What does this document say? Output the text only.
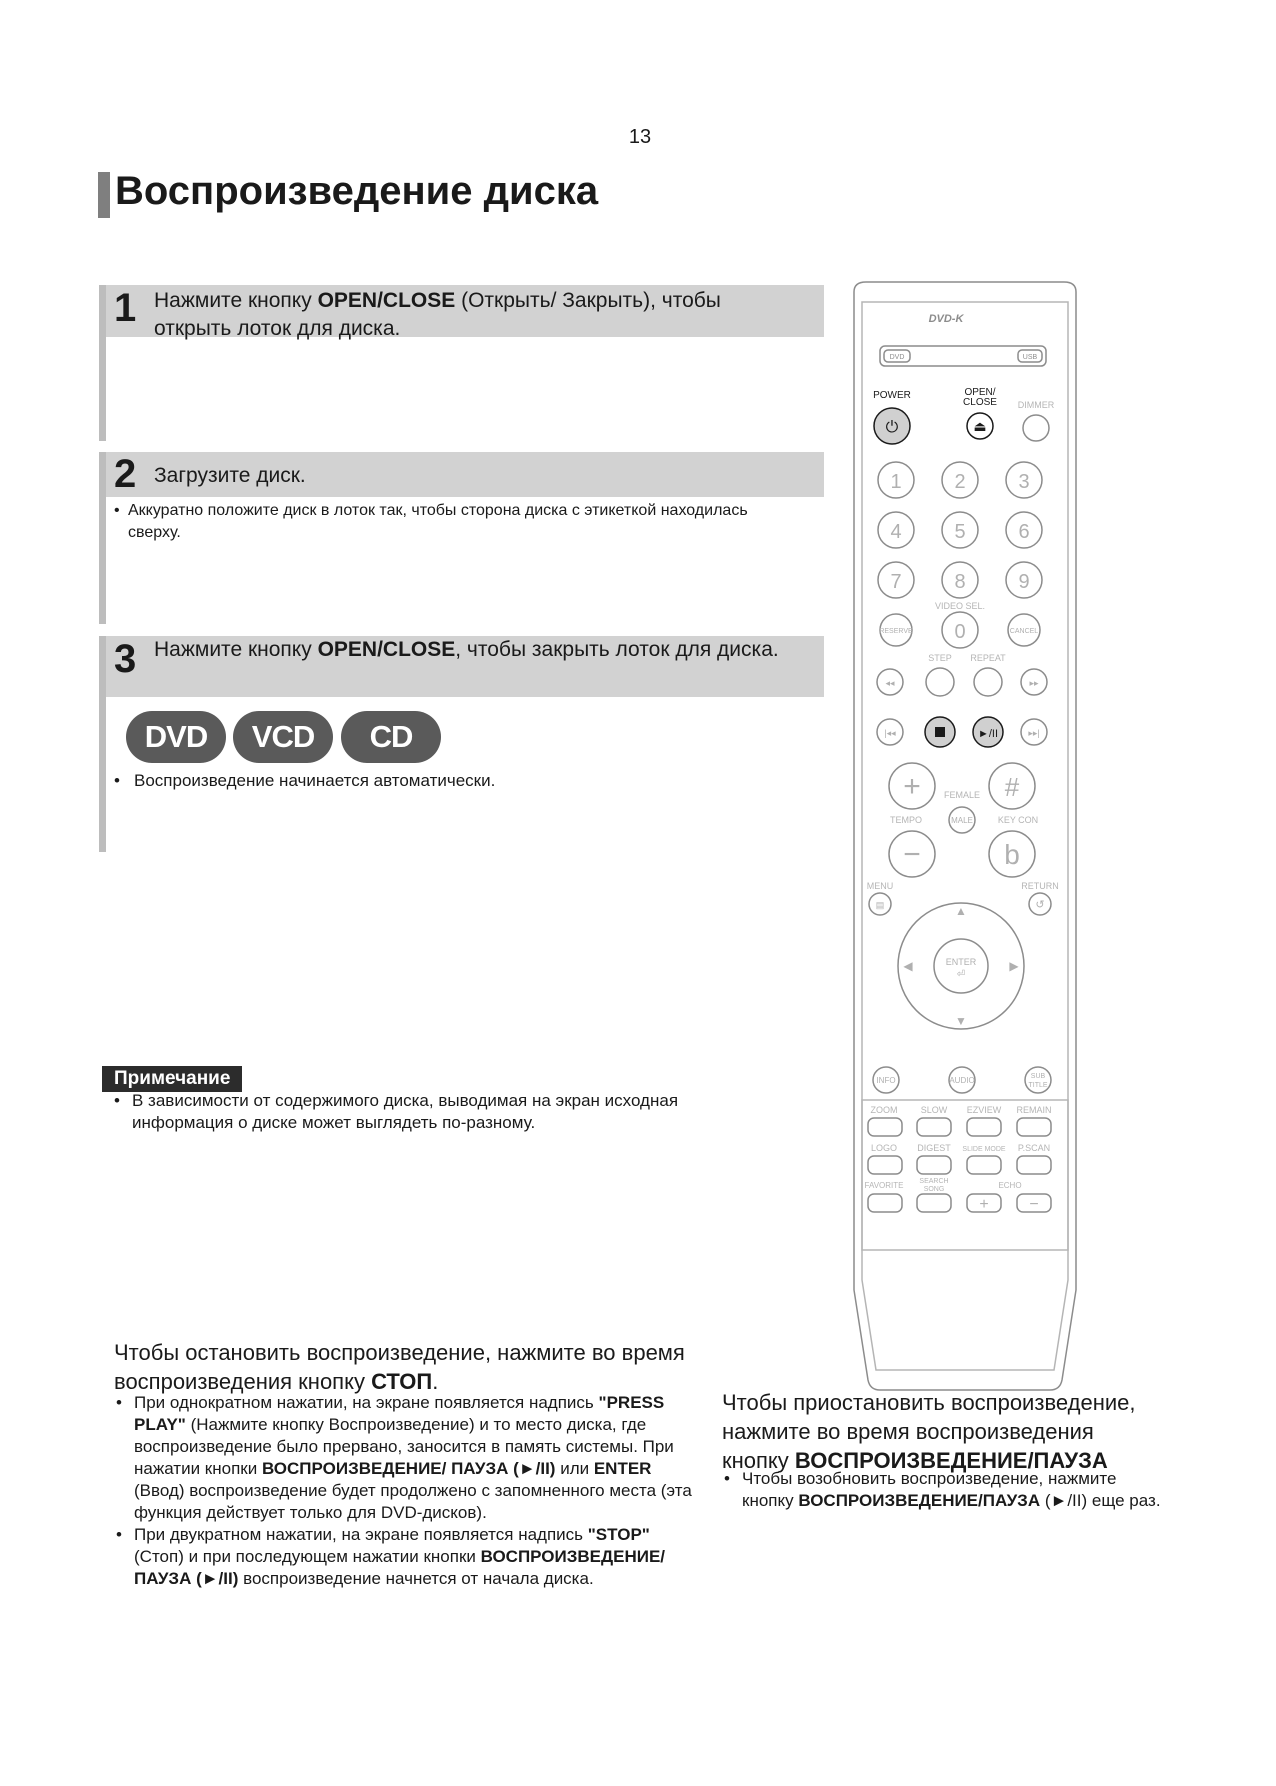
13
Воспроизведение диска
1 Нажмите кнопку OPEN/CLOSE (Открыть/ Закрыть), чтобы открыть лоток для диска.
2 Загрузите диск.
• Аккуратно положите диск в лоток так, чтобы сторона диска с этикеткой находилась сверху.
3 Нажмите кнопку OPEN/CLOSE, чтобы закрыть лоток для диска.
DVD	VCD	CD
• Воспроизведение начинается автоматически.
Примечание
• В зависимости от содержимого диска, выводимая на экран исходная информация о диске может выглядеть по-разному.
Чтобы остановить воспроизведение, нажмите во время воспроизведения кнопку СТОП.
• При однократном нажатии, на экране появляется надпись "PRESS PLAY" (Нажмите кнопку Воспроизведение) и то место диска, где воспроизведение было прервано, заносится в память системы. При нажатии кнопки ВОСПРОИЗВЕДЕНИЕ/ ПАУЗА (►/II) или ENTER (Ввод) воспроизведение будет продолжено с запомненного места (эта функция действует только для DVD-дисков).
• При двукратном нажатии, на экране появляется надпись "STOP" (Стоп) и при последующем нажатии кнопки ВОСПРОИЗВЕДЕНИЕ/ ПАУЗА (►/II) воспроизведение начнется от начала диска.
Чтобы приостановить воспроизведение, нажмите во время воспроизведения кнопку ВОСПРОИЗВЕДЕНИЕ/ПАУЗА
• Чтобы возобновить воспроизведение, нажмите кнопку ВОСПРОИЗВЕДЕНИЕ/ПАУЗА (►/II) еще раз.
DVD-K
DVD	USB
POWER
⏻
OPEN/
CLOSE
⏏
DIMMER
1	2	3
4	5	6
7	8	9
VIDEO SEL.
RESERVE 0	CANCEL
STEP REPEAT
◂◂	▸▸
|◂◂	►/II	▸▸|
+	#
FEMALE
TEMPO	MALE	KEY CON
−	b
MENU
▤
RETURN
↺
ENTER
⏎
▲
▼
◀	▶
INFO	AUDIO	SUB
TITLE
ZOOM	SLOW EZVIEW REMAIN
LOGO DIGEST SLIDE MODE P.SCAN
FAVORITE SEARCH
SONG	ECHO
+	−
